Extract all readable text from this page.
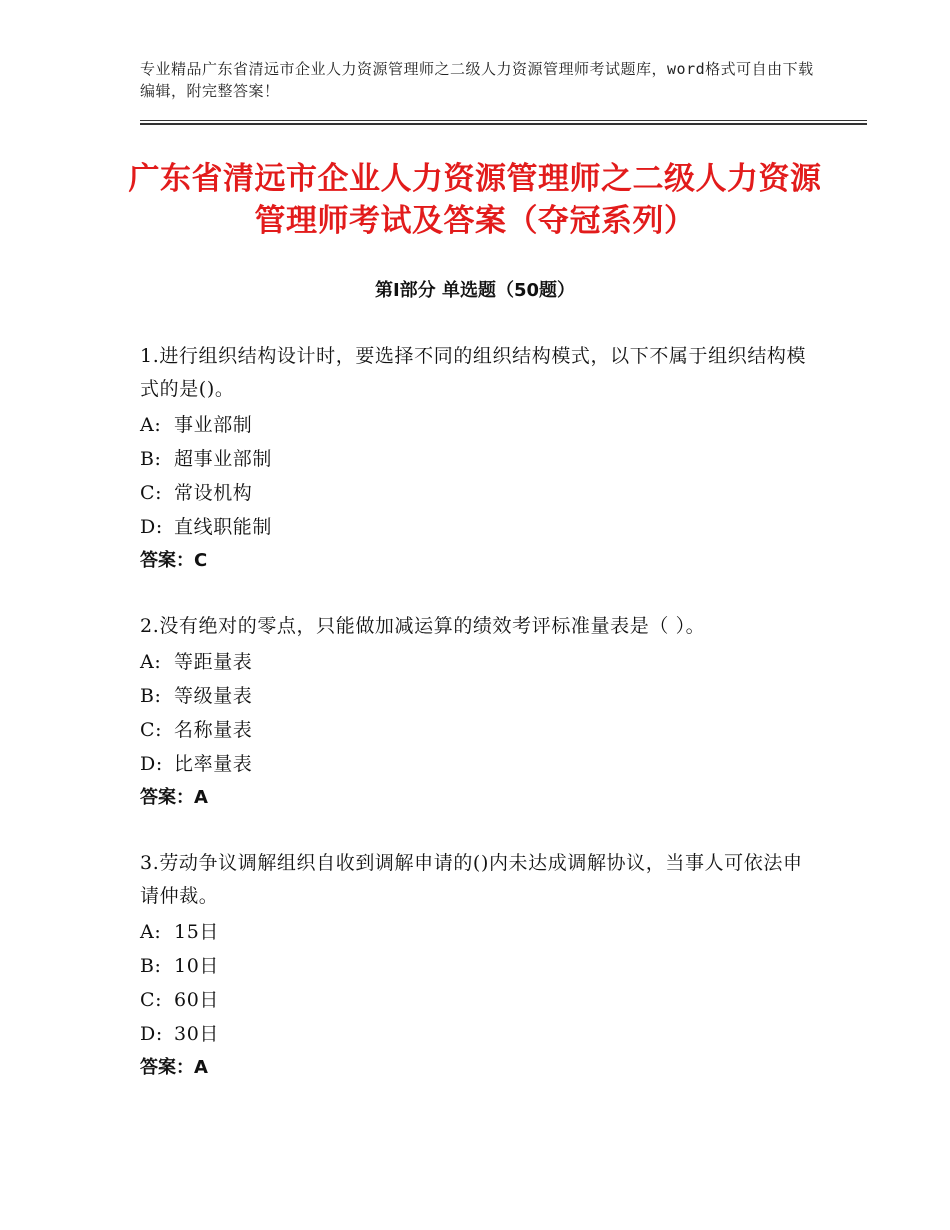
专业精品广东省清远市企业人力资源管理师之二级人力资源管理师考试题库，word格式可自由下载编辑，附完整答案！
广东省清远市企业人力资源管理师之二级人力资源管理师考试及答案（夺冠系列）
第Ⅰ部分 单选题（50题）
1.进行组织结构设计时，要选择不同的组织结构模式，以下不属于组织结构模式的是()。
A: 事业部制
B: 超事业部制
C: 常设机构
D: 直线职能制
答案：C
2.没有绝对的零点，只能做加减运算的绩效考评标准量表是（ ）。
A: 等距量表
B: 等级量表
C: 名称量表
D: 比率量表
答案：A
3.劳动争议调解组织自收到调解申请的()内未达成调解协议，当事人可依法申请仲裁。
A: 15日
B: 10日
C: 60日
D: 30日
答案：A
